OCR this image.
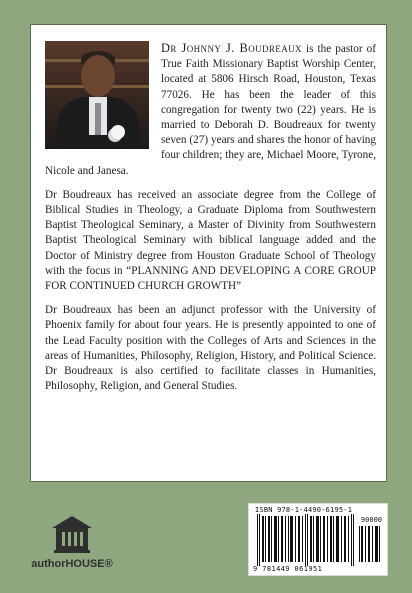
Dr Johnny J. Boudreaux is the pastor of True Faith Missionary Baptist Worship Center, located at 5806 Hirsch Road, Houston, Texas 77026. He has been the leader of this congregation for twenty two (22) years. He is married to Deborah D. Boudreaux for twenty seven (27) years and shares the honor of having four children; they are, Michael Moore, Tyrone, Nicole and Janesa.

Dr Boudreaux has received an associate degree from the College of Biblical Studies in Theology, a Graduate Diploma from Southwestern Baptist Theological Seminary, a Master of Divinity from Southwestern Baptist Theological Seminary with biblical language added and the Doctor of Ministry degree from Houston Graduate School of Theology with the focus in “PLANNING AND DEVELOPING A CORE GROUP FOR CONTINUED CHURCH GROWTH”

Dr Boudreaux has been an adjunct professor with the University of Phoenix family for about four years. He is presently appointed to one of the Lead Faculty position with the Colleges of Arts and Sciences in the areas of Humanities, Philosophy, Religion, History, and Political Science. Dr Boudreaux is also certified to facilitate classes in Humanities, Philosophy, Religion, and General Studies.

authorHOUSE®
ISBN 978-1-4490-6195-1
90000
9 781449 061951
